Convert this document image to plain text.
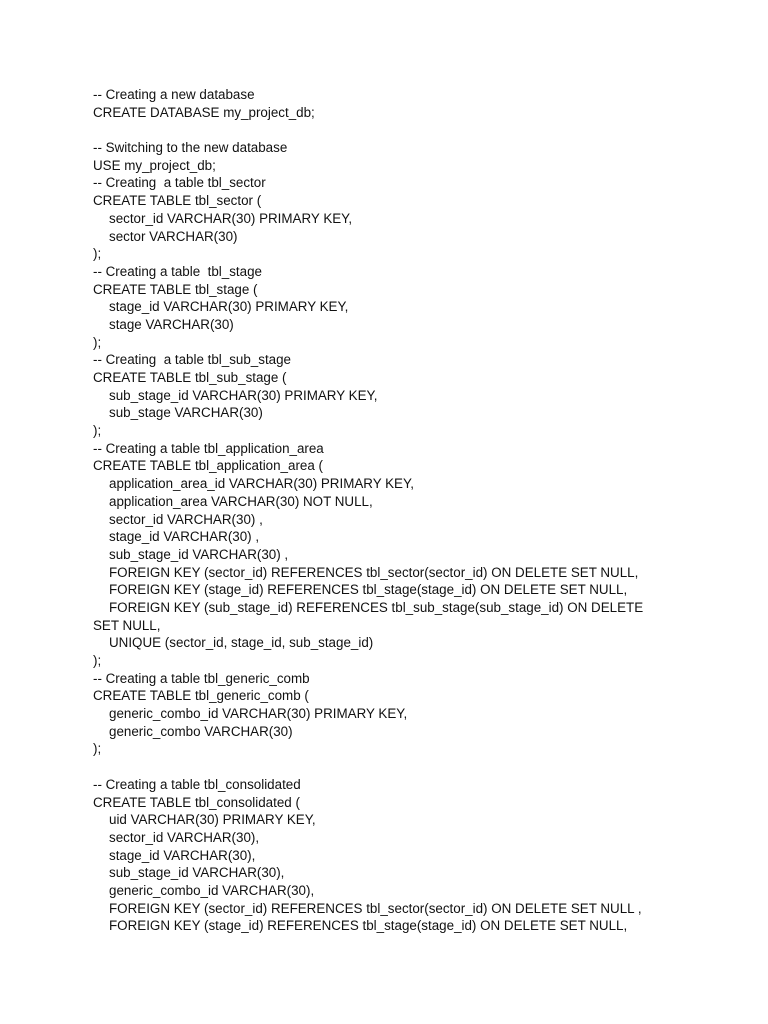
-- Creating a new database
CREATE DATABASE my_project_db;
-- Switching to the new database
USE my_project_db;
-- Creating  a table tbl_sector
CREATE TABLE tbl_sector (
sector_id VARCHAR(30) PRIMARY KEY,
sector VARCHAR(30)
);
-- Creating a table  tbl_stage
CREATE TABLE tbl_stage (
stage_id VARCHAR(30) PRIMARY KEY,
stage VARCHAR(30)
);
-- Creating  a table tbl_sub_stage
CREATE TABLE tbl_sub_stage (
sub_stage_id VARCHAR(30) PRIMARY KEY,
sub_stage VARCHAR(30)
);
-- Creating a table tbl_application_area
CREATE TABLE tbl_application_area (
application_area_id VARCHAR(30) PRIMARY KEY,
application_area VARCHAR(30) NOT NULL,
sector_id VARCHAR(30) ,
stage_id VARCHAR(30) ,
sub_stage_id VARCHAR(30) ,
FOREIGN KEY (sector_id) REFERENCES tbl_sector(sector_id) ON DELETE SET NULL,
FOREIGN KEY (stage_id) REFERENCES tbl_stage(stage_id) ON DELETE SET NULL,
FOREIGN KEY (sub_stage_id) REFERENCES tbl_sub_stage(sub_stage_id) ON DELETE
SET NULL,
UNIQUE (sector_id, stage_id, sub_stage_id)
);
-- Creating a table tbl_generic_comb
CREATE TABLE tbl_generic_comb (
generic_combo_id VARCHAR(30) PRIMARY KEY,
generic_combo VARCHAR(30)
);
-- Creating a table tbl_consolidated
CREATE TABLE tbl_consolidated (
uid VARCHAR(30) PRIMARY KEY,
sector_id VARCHAR(30),
stage_id VARCHAR(30),
sub_stage_id VARCHAR(30),
generic_combo_id VARCHAR(30),
FOREIGN KEY (sector_id) REFERENCES tbl_sector(sector_id) ON DELETE SET NULL ,
FOREIGN KEY (stage_id) REFERENCES tbl_stage(stage_id) ON DELETE SET NULL,
